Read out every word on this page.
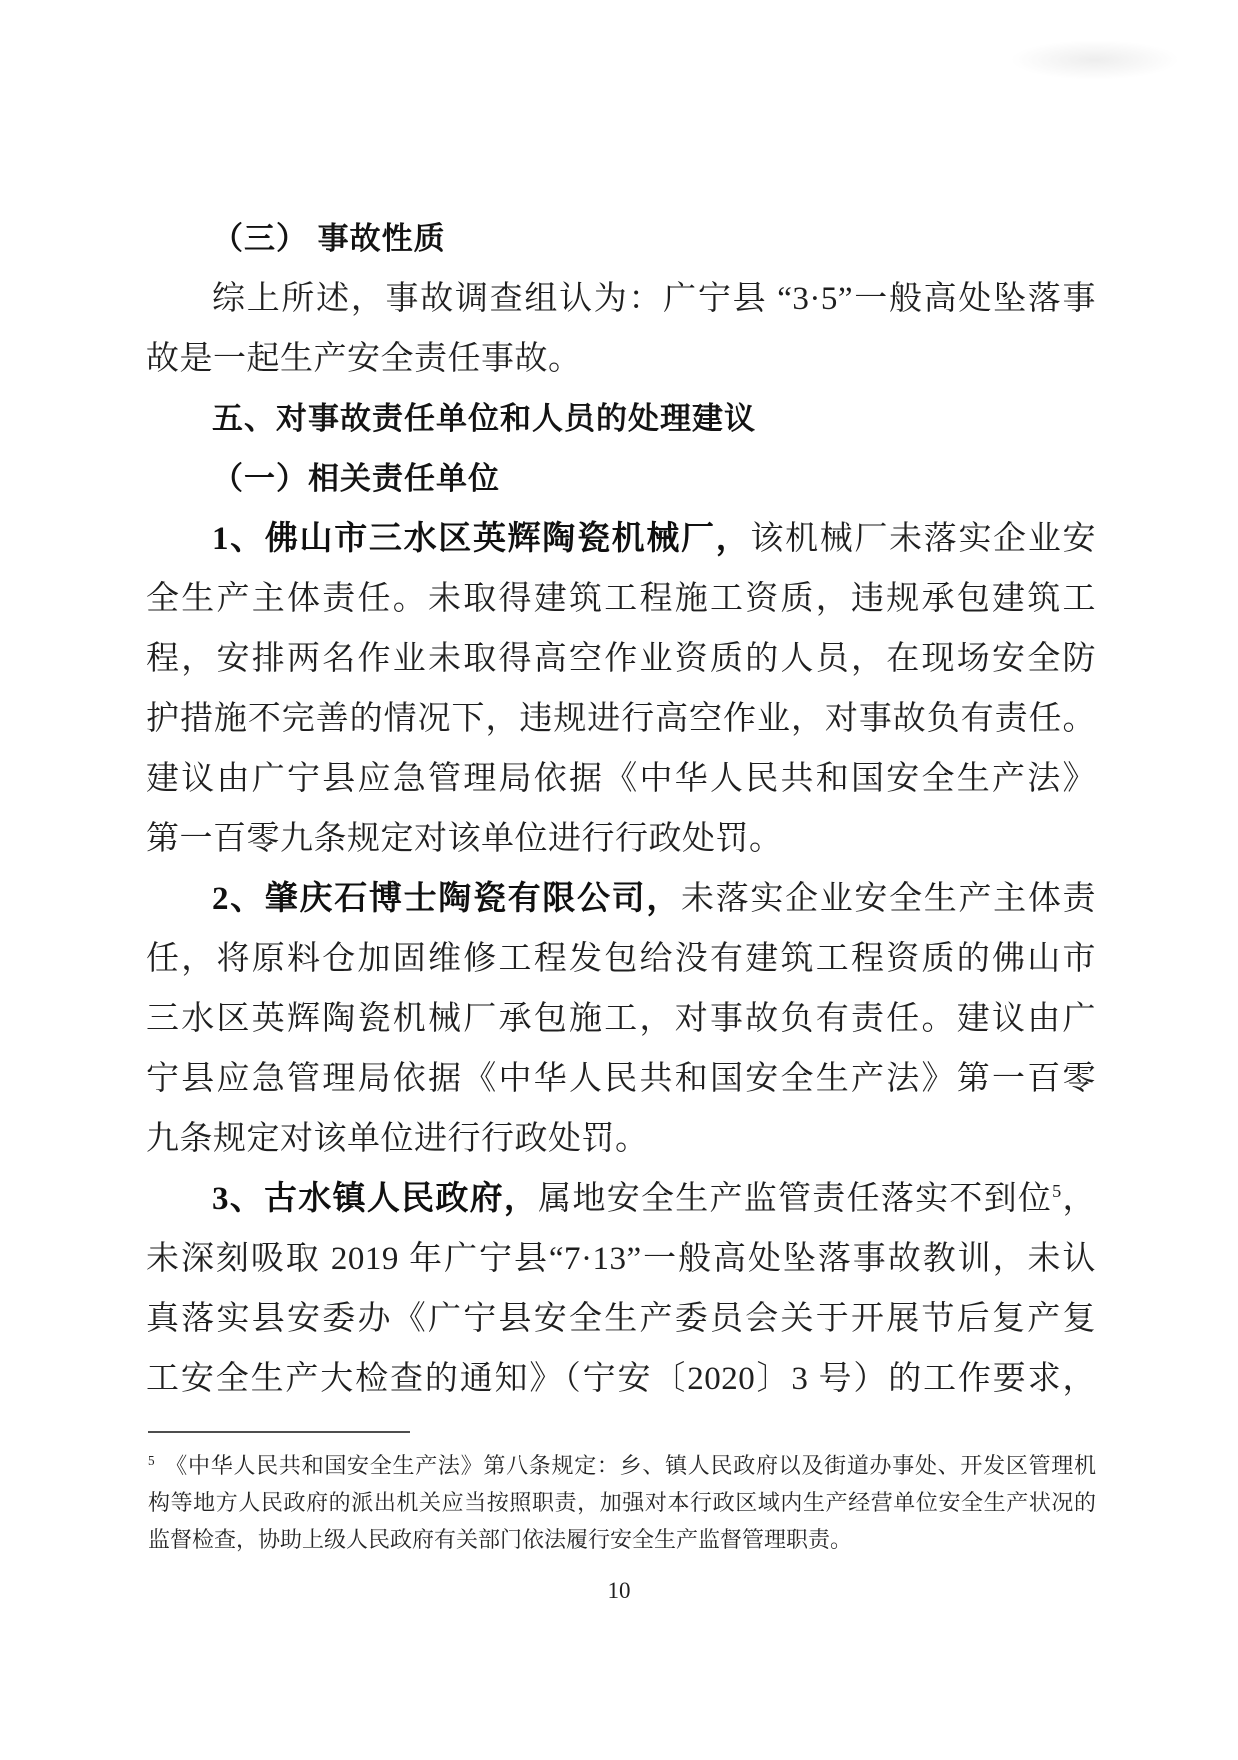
（三） 事故性质
综上所述，事故调查组认为：广宁县 “3·5”一般高处坠落事
故是一起生产安全责任事故。
五、对事故责任单位和人员的处理建议
（一）相关责任单位
1、佛山市三水区英辉陶瓷机械厂，该机械厂未落实企业安
全生产主体责任。未取得建筑工程施工资质，违规承包建筑工
程，安排两名作业未取得高空作业资质的人员，在现场安全防
护措施不完善的情况下，违规进行高空作业，对事故负有责任。
建议由广宁县应急管理局依据《中华人民共和国安全生产法》
第一百零九条规定对该单位进行行政处罚。
2、肇庆石博士陶瓷有限公司，未落实企业安全生产主体责
任，将原料仓加固维修工程发包给没有建筑工程资质的佛山市
三水区英辉陶瓷机械厂承包施工，对事故负有责任。建议由广
宁县应急管理局依据《中华人民共和国安全生产法》第一百零
九条规定对该单位进行行政处罚。
3、古水镇人民政府，属地安全生产监管责任落实不到位$^5$，
未深刻吸取 2019 年广宁县“7·13”一般高处坠落事故教训，未认
真落实县安委办《广宁县安全生产委员会关于开展节后复产复
工安全生产大检查的通知》（宁安〔2020〕3 号）的工作要求，
$^5$ 《中华人民共和国安全生产法》第八条规定：乡、镇人民政府以及街道办事处、开发区管理机
构等地方人民政府的派出机关应当按照职责，加强对本行政区域内生产经营单位安全生产状况的
监督检查，协助上级人民政府有关部门依法履行安全生产监督管理职责。
10
